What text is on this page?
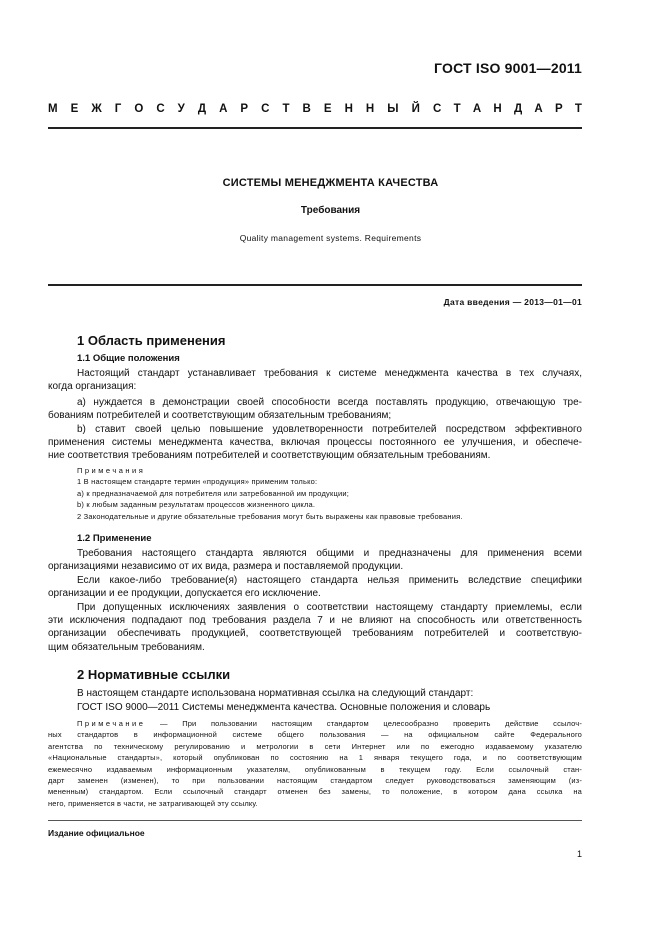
ГОСТ ISO 9001—2011
М Е Ж Г О С У Д А Р С Т В Е Н Н Ы Й С Т А Н Д А Р Т
СИСТЕМЫ МЕНЕДЖМЕНТА КАЧЕСТВА
Требования
Quality management systems. Requirements
Дата введения — 2013—01—01
1 Область применения
1.1 Общие положения
Настоящий стандарт устанавливает требования к системе менеджмента качества в тех случаях,
когда организация:
а) нуждается в демонстрации своей способности всегда поставлять продукцию, отвечающую тре-
бованиям потребителей и соответствующим обязательным требованиям;
b) ставит своей целью повышение удовлетворенности потребителей посредством эффективного
применения системы менеджмента качества, включая процессы постоянного ее улучшения, и обеспече-
ние соответствия требованиям потребителей и соответствующим обязательным требованиям.
Примечания
1 В настоящем стандарте термин «продукция» применим только:
a) к предназначаемой для потребителя или затребованной им продукции;
b) к любым заданным результатам процессов жизненного цикла.
2 Законодательные и другие обязательные требования могут быть выражены как правовые требования.
1.2 Применение
Требования настоящего стандарта являются общими и предназначены для применения всеми
организациями независимо от их вида, размера и поставляемой продукции.
Если какое-либо требование(я) настоящего стандарта нельзя применить вследствие специфики
организации и ее продукции, допускается его исключение.
При допущенных исключениях заявления о соответствии настоящему стандарту приемлемы, если
эти исключения подпадают под требования раздела 7 и не влияют на способность или ответственность
организации обеспечивать продукцией, соответствующей требованиям потребителей и соответствую-
щим обязательным требованиям.
2 Нормативные ссылки
В настоящем стандарте использована нормативная ссылка на следующий стандарт:
ГОСТ ISO 9000—2011 Системы менеджмента качества. Основные положения и словарь
Примечание — При пользовании настоящим стандартом целесообразно проверить действие ссылоч-
ных стандартов в информационной системе общего пользования — на официальном сайте Федерального
агентства по техническому регулированию и метрологии в сети Интернет или по ежегодно издаваемому указателю
«Национальные стандарты», который опубликован по состоянию на 1 января текущего года, и по соответствующим
ежемесячно издаваемым информационным указателям, опубликованным в текущем году. Если ссылочный стан-
дарт заменен (изменен), то при пользовании настоящим стандартом следует руководствоваться заменяющим (из-
мененным) стандартом. Если ссылочный стандарт отменен без замены, то положение, в котором дана ссылка на
него, применяется в части, не затрагивающей эту ссылку.
Издание официальное
1
